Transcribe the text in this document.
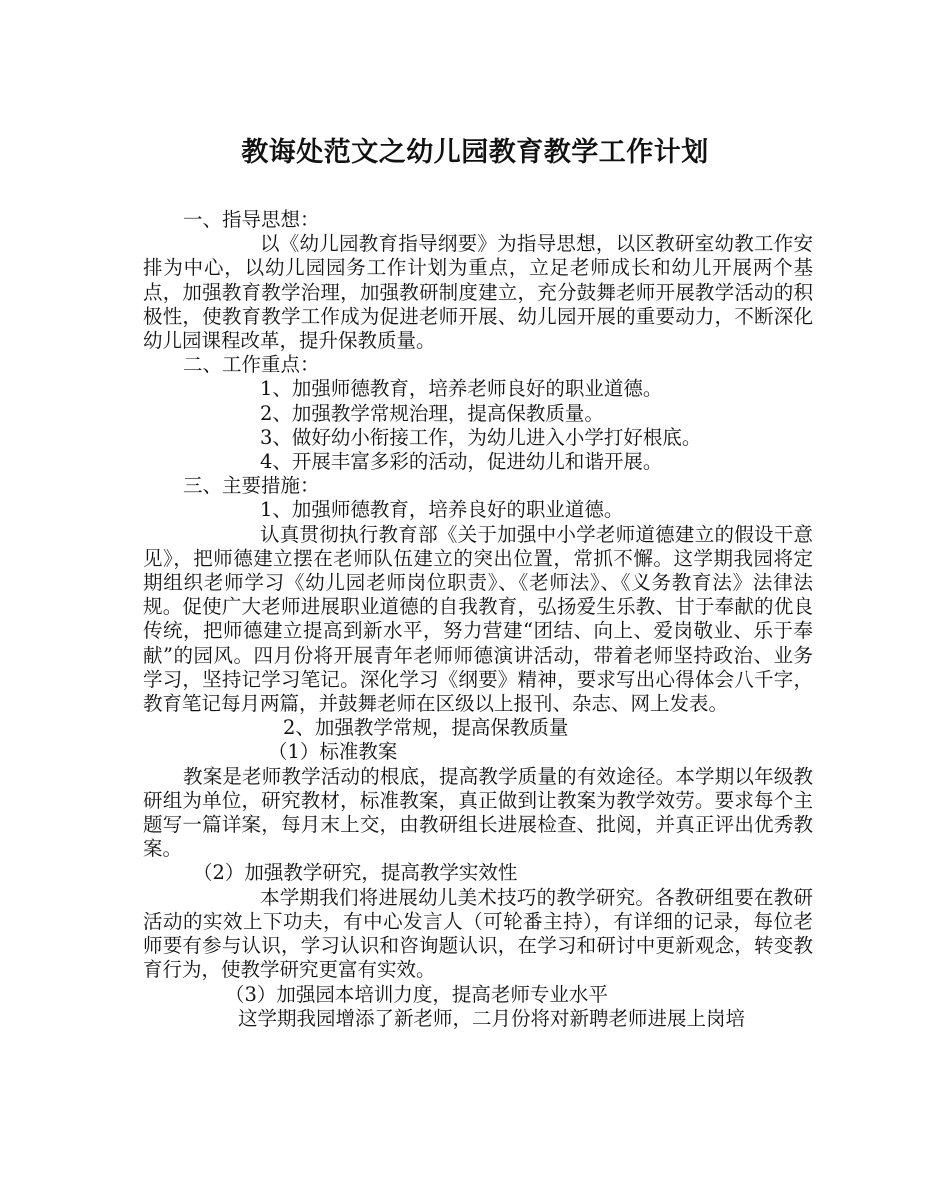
教诲处范文之幼儿园教育教学工作计划

一、指导思想：

以《幼儿园教育指导纲要》为指导思想，以区教研室幼教工作安排为中心，以幼儿园园务工作计划为重点，立足老师成长和幼儿开展两个基点，加强教育教学治理，加强教研制度建立，充分鼓舞老师开展教学活动的积极性，使教育教学工作成为促进老师开展、幼儿园开展的重要动力，不断深化幼儿园课程改革，提升保教质量。

二、工作重点：

1、加强师德教育，培养老师良好的职业道德。

2、加强教学常规治理，提高保教质量。

3、做好幼小衔接工作，为幼儿进入小学打好根底。

4、开展丰富多彩的活动，促进幼儿和谐开展。

三、主要措施：

1、加强师德教育，培养良好的职业道德。

认真贯彻执行教育部《关于加强中小学老师道德建立的假设干意见》，把师德建立摆在老师队伍建立的突出位置，常抓不懈。这学期我园将定期组织老师学习《幼儿园老师岗位职责》、《老师法》、《义务教育法》法律法规。促使广大老师进展职业道德的自我教育，弘扬爱生乐教、甘于奉献的优良传统，把师德建立提高到新水平，努力营建“团结、向上、爱岗敬业、乐于奉献”的园风。四月份将开展青年老师师德演讲活动，带着老师坚持政治、业务学习，坚持记学习笔记。深化学习《纲要》精神，要求写出心得体会八千字，教育笔记每月两篇，并鼓舞老师在区级以上报刊、杂志、网上发表。

2、加强教学常规，提高保教质量

（1）标准教案

教案是老师教学活动的根底，提高教学质量的有效途径。本学期以年级教研组为单位，研究教材，标准教案，真正做到让教案为教学效劳。要求每个主题写一篇详案，每月末上交，由教研组长进展检查、批阅，并真正评出优秀教案。

（2）加强教学研究，提高教学实效性

本学期我们将进展幼儿美术技巧的教学研究。各教研组要在教研活动的实效上下功夫，有中心发言人（可轮番主持），有详细的记录，每位老师要有参与认识，学习认识和咨询题认识，在学习和研讨中更新观念，转变教育行为，使教学研究更富有实效。

（3）加强园本培训力度，提高老师专业水平

这学期我园增添了新老师，二月份将对新聘老师进展上岗培
